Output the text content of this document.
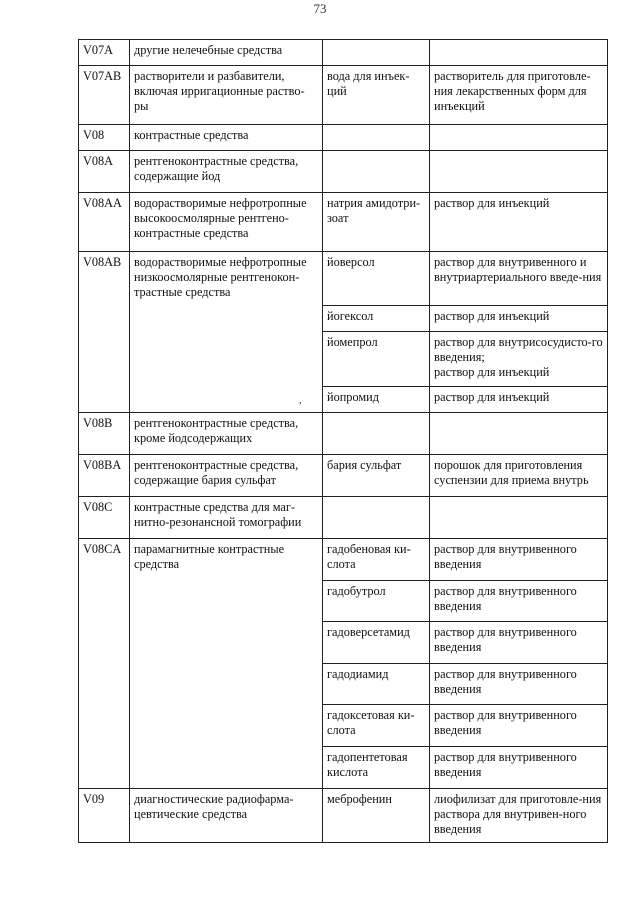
73
V07A	другие нелечебные средства		
V07AB	растворители и разбавители, включая ирригационные раство-ры	вода для инъек-ций	растворитель для приготовле-ния лекарственных форм для инъекций
V08	контрастные средства		
V08A	рентгеноконтрастные средства, содержащие йод		
V08AA	водорастворимые нефротропные высокоосмолярные рентгено-контрастные средства	натрия амидотри-зоат	раствор для инъекций
V08AB	водорастворимые нефротропные низкоосмолярные рентгенокон-трастные средства	йоверсол	раствор для внутривенного и внутриартериального введе-ния
		йогексол	раствор для инъекций
		йомепрол	раствор для внутрисосудисто-го введения;
раствор для инъекций
		йопромид	раствор для инъекций
V08B	рентгеноконтрастные средства, кроме йодсодержащих		
V08BA	рентгеноконтрастные средства, содержащие бария сульфат	бария сульфат	порошок для приготовления суспензии для приема внутрь
V08C	контрастные средства для маг-нитно-резонансной томографии		
V08CA	парамагнитные контрастные средства	гадобеновая ки-слота	раствор для внутривенного введения
		гадобутрол	раствор для внутривенного введения
		гадоверсетамид	раствор для внутривенного введения
		гадодиамид	раствор для внутривенного введения
		гадоксетовая ки-слота	раствор для внутривенного введения
		гадопентетовая кислота	раствор для внутривенного введения
V09	диагностические радиофарма-цевтические средства	меброфенин	лиофилизат для приготовле-ния раствора для внутривен-ного введения
,
